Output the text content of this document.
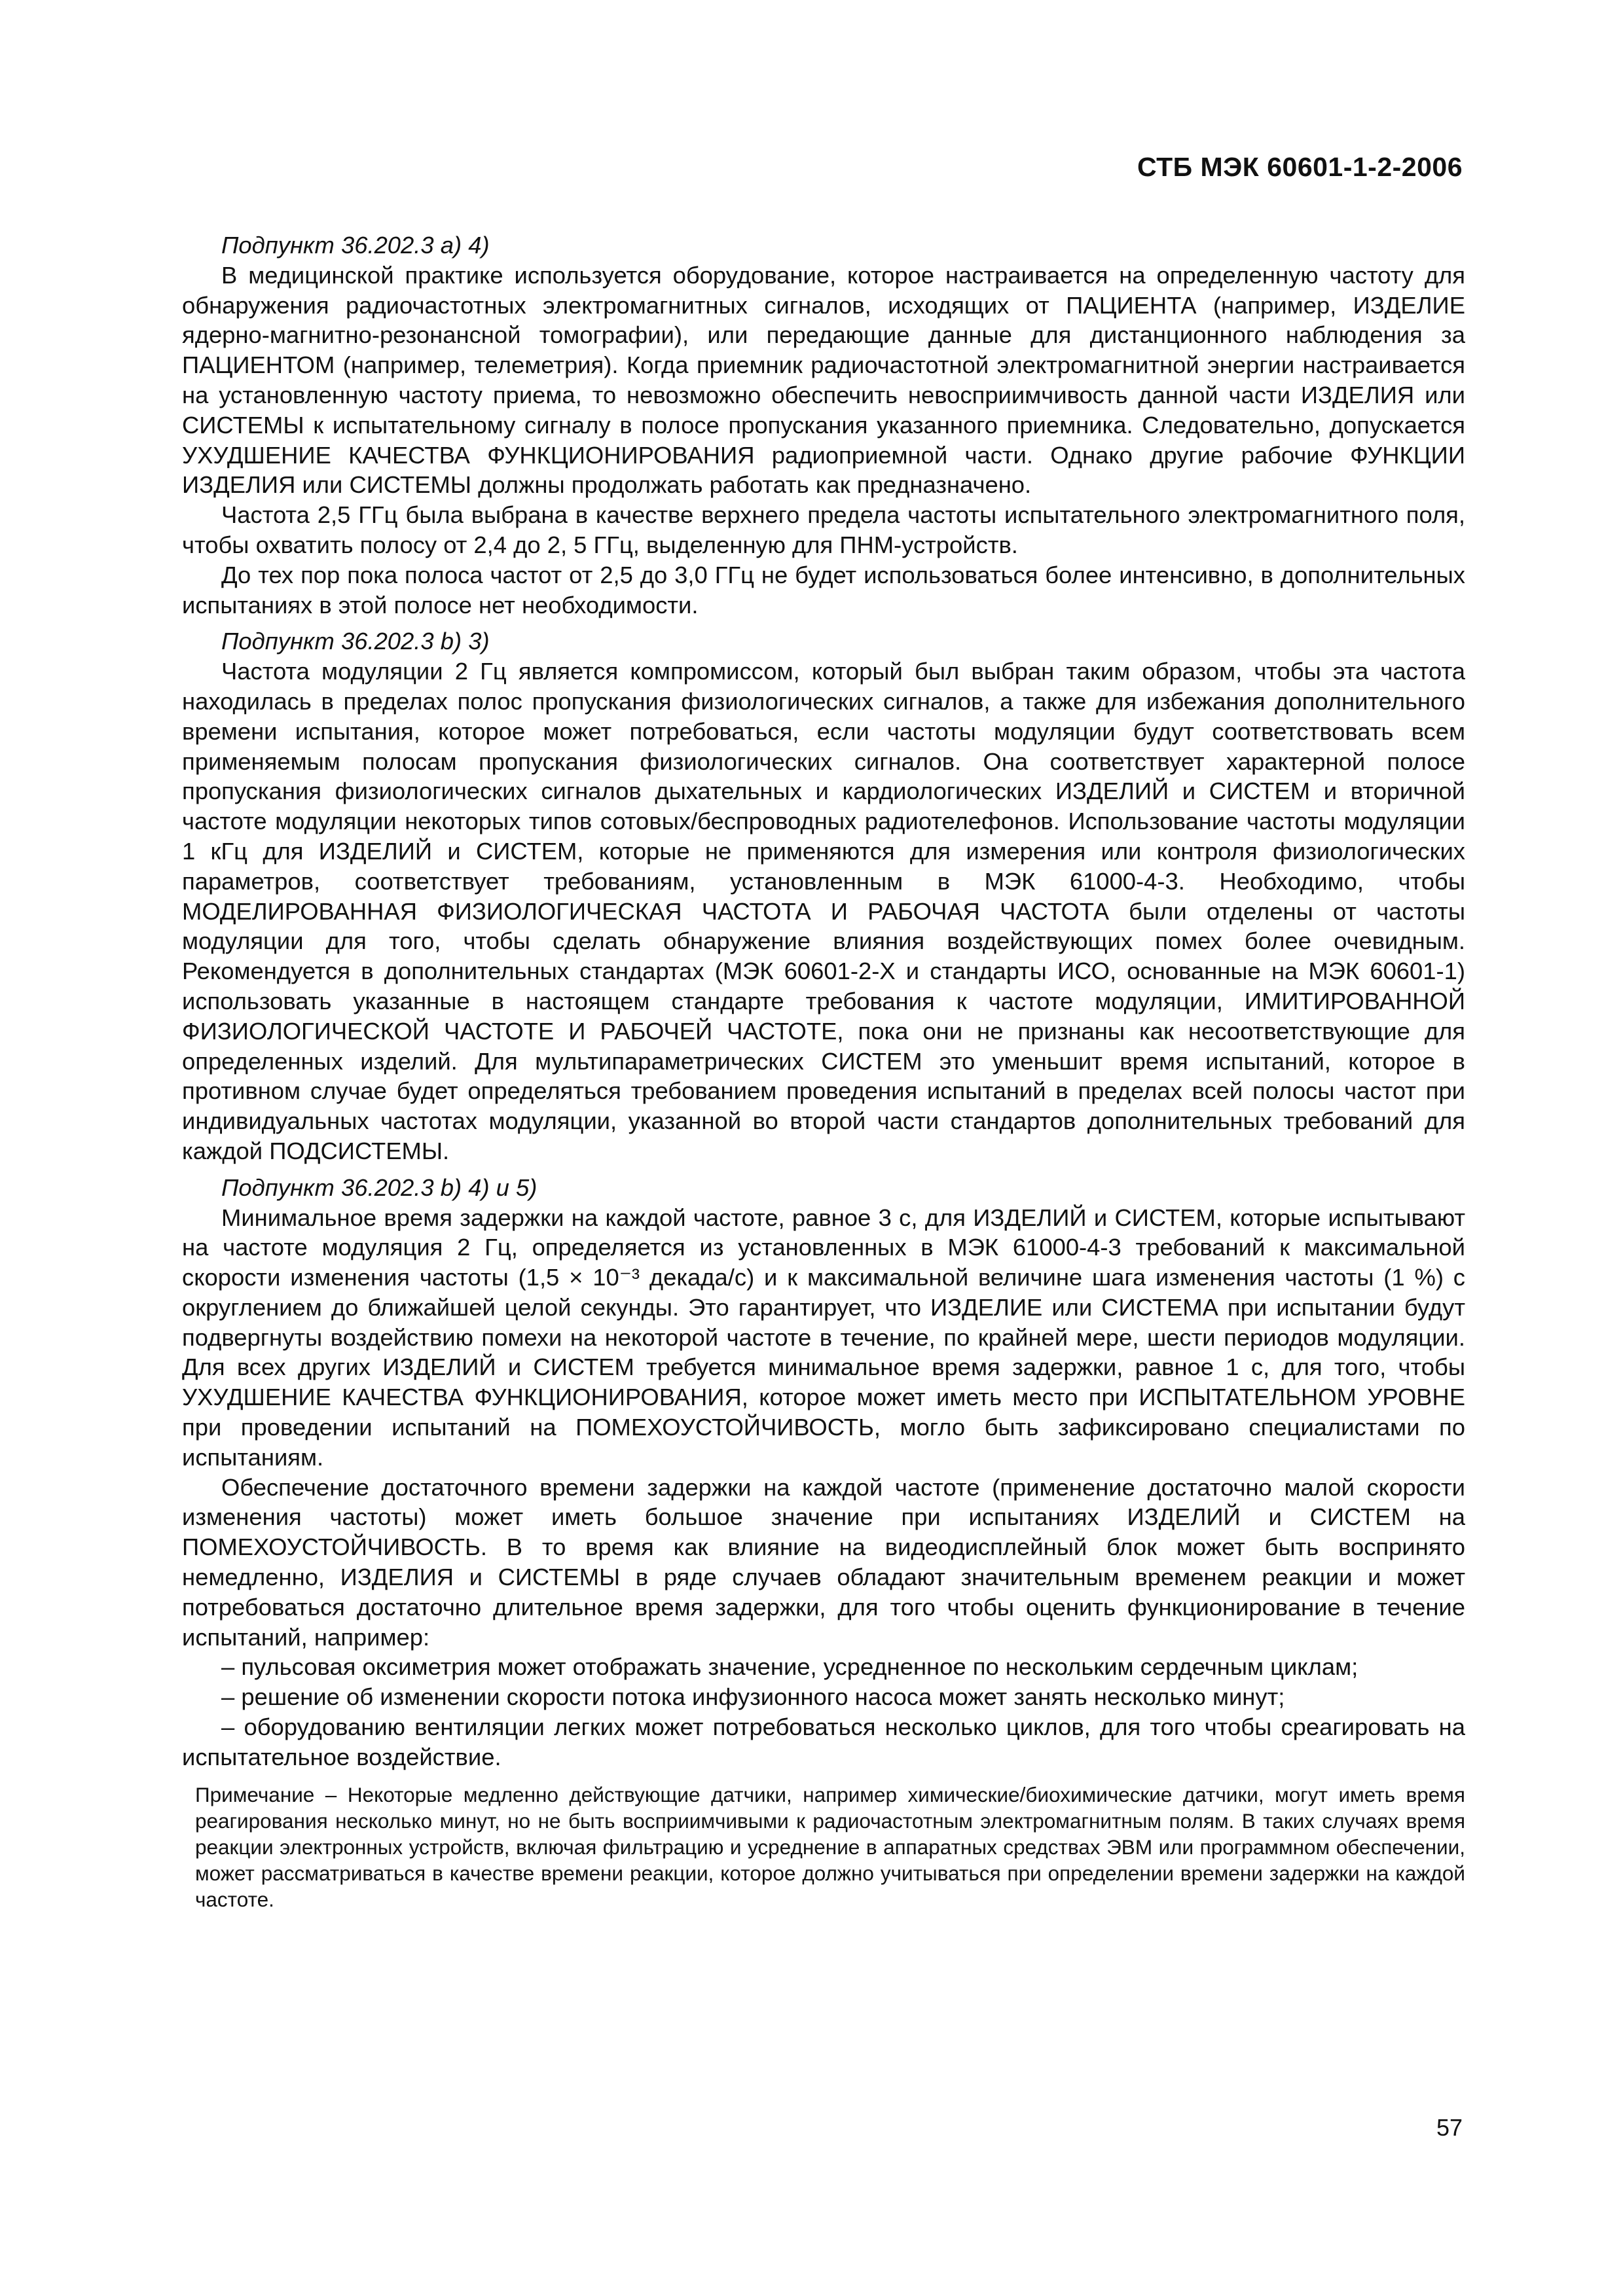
СТБ МЭК 60601-1-2-2006

Подпункт 36.202.3 a) 4)

В медицинской практике используется оборудование, которое настраивается на определенную частоту для обнаружения радиочастотных электромагнитных сигналов, исходящих от ПАЦИЕНТА (например, ИЗДЕЛИЕ ядерно-магнитно-резонансной томографии), или передающие данные для дистанционного наблюдения за ПАЦИЕНТОМ (например, телеметрия). Когда приемник радиочастотной электромагнитной энергии настраивается на установленную частоту приема, то невозможно обеспечить невосприимчивость данной части ИЗДЕЛИЯ или СИСТЕМЫ к испытательному сигналу в полосе пропускания указанного приемника. Следовательно, допускается УХУДШЕНИЕ КАЧЕСТВА ФУНКЦИОНИРОВАНИЯ радиоприемной части. Однако другие рабочие ФУНКЦИИ ИЗДЕЛИЯ или СИСТЕМЫ должны продолжать работать как предназначено.

Частота 2,5 ГГц была выбрана в качестве верхнего предела частоты испытательного электромагнитного поля, чтобы охватить полосу от 2,4 до 2, 5 ГГц, выделенную для ПНМ-устройств.

До тех пор пока полоса частот от 2,5 до 3,0 ГГц не будет использоваться более интенсивно, в дополнительных испытаниях в этой полосе нет необходимости.

Подпункт 36.202.3 b) 3)

Частота модуляции 2 Гц является компромиссом, который был выбран таким образом, чтобы эта частота находилась в пределах полос пропускания физиологических сигналов, а также для избежания дополнительного времени испытания, которое может потребоваться, если частоты модуляции будут соответствовать всем применяемым полосам пропускания физиологических сигналов. Она соответствует характерной полосе пропускания физиологических сигналов дыхательных и кардиологических ИЗДЕЛИЙ и СИСТЕМ и вторичной частоте модуляции некоторых типов сотовых/беспроводных радиотелефонов. Использование частоты модуляции 1 кГц для ИЗДЕЛИЙ и СИСТЕМ, которые не применяются для измерения или контроля физиологических параметров, соответствует требованиям, установленным в МЭК 61000-4-3. Необходимо, чтобы МОДЕЛИРОВАННАЯ ФИЗИОЛОГИЧЕСКАЯ ЧАСТОТА И РАБОЧАЯ ЧАСТОТА были отделены от частоты модуляции для того, чтобы сделать обнаружение влияния воздействующих помех более очевидным. Рекомендуется в дополнительных стандартах (МЭК 60601-2-Х и стандарты ИСО, основанные на МЭК 60601-1) использовать указанные в настоящем стандарте требования к частоте модуляции, ИМИТИРОВАННОЙ ФИЗИОЛОГИЧЕСКОЙ ЧАСТОТЕ И РАБОЧЕЙ ЧАСТОТЕ, пока они не признаны как несоответствующие для определенных изделий. Для мультипараметрических СИСТЕМ это уменьшит время испытаний, которое в противном случае будет определяться требованием проведения испытаний в пределах всей полосы частот при индивидуальных частотах модуляции, указанной во второй части стандартов дополнительных требований для каждой ПОДСИСТЕМЫ.

Подпункт 36.202.3 b) 4) и 5)

Минимальное время задержки на каждой частоте, равное 3 с, для ИЗДЕЛИЙ и СИСТЕМ, которые испытывают на частоте модуляция 2 Гц, определяется из установленных в МЭК 61000-4-3 требований к максимальной скорости изменения частоты (1,5 × 10⁻³ декада/с) и к максимальной величине шага изменения частоты (1 %) с округлением до ближайшей целой секунды. Это гарантирует, что ИЗДЕЛИЕ или СИСТЕМА при испытании будут подвергнуты воздействию помехи на некоторой частоте в течение, по крайней мере, шести периодов модуляции. Для всех других ИЗДЕЛИЙ и СИСТЕМ требуется минимальное время задержки, равное 1 с, для того, чтобы УХУДШЕНИЕ КАЧЕСТВА ФУНКЦИОНИРОВАНИЯ, которое может иметь место при ИСПЫТАТЕЛЬНОМ УРОВНЕ при проведении испытаний на ПОМЕХОУСТОЙЧИВОСТЬ, могло быть зафиксировано специалистами по испытаниям.

Обеспечение достаточного времени задержки на каждой частоте (применение достаточно малой скорости изменения частоты) может иметь большое значение при испытаниях ИЗДЕЛИЙ и СИСТЕМ на ПОМЕХОУСТОЙЧИВОСТЬ. В то время как влияние на видеодисплейный блок может быть воспринято немедленно, ИЗДЕЛИЯ и СИСТЕМЫ в ряде случаев обладают значительным временем реакции и может потребоваться достаточно длительное время задержки, для того чтобы оценить функционирование в течение испытаний, например:

– пульсовая оксиметрия может отображать значение, усредненное по нескольким сердечным циклам;

– решение об изменении скорости потока инфузионного насоса может занять несколько минут;

– оборудованию вентиляции легких может потребоваться несколько циклов, для того чтобы среагировать на испытательное воздействие.

Примечание – Некоторые медленно действующие датчики, например химические/биохимические датчики, могут иметь время реагирования несколько минут, но не быть восприимчивыми к радиочастотным электромагнитным полям. В таких случаях время реакции электронных устройств, включая фильтрацию и усреднение в аппаратных средствах ЭВМ или программном обеспечении, может рассматриваться в качестве времени реакции, которое должно учитываться при определении времени задержки на каждой частоте.

57
